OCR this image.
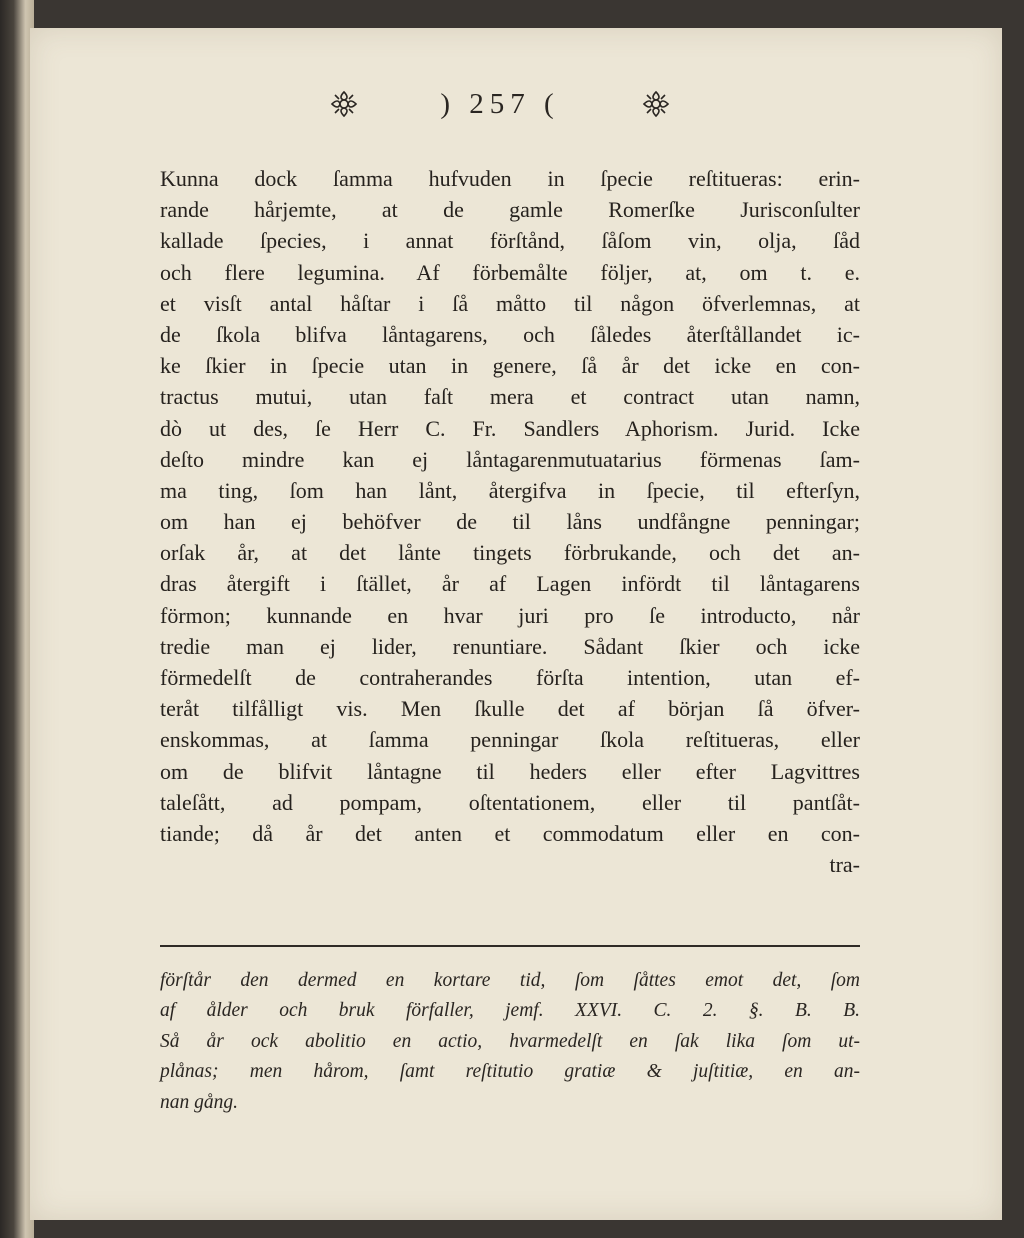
) 257 (
Kunna dock ſamma hufvuden in ſpecie reſtitueras: erin-
rande hårjemte, at de gamle Romerſke Jurisconſulter
kallade ſpecies, i annat förſtånd, ſåſom vin, olja, ſåd
och flere legumina. Af förbemålte följer, at, om t. e.
et visſt antal håſtar i ſå måtto til någon öfverlemnas, at
de ſkola blifva låntagarens, och ſåledes återſtållandet ic-
ke ſkier in ſpecie utan in genere, ſå år det icke en con-
tractus mutui, utan faſt mera et contract utan namn,
dò ut des, ſe Herr C. Fr. Sandlers Aphorism. Jurid. Icke
deſto mindre kan ej låntagarenmutuatarius förmenas ſam-
ma ting, ſom han lånt, återgifva in ſpecie, til efterſyn,
om han ej behöfver de til låns undfångne penningar;
orſak år, at det lånte tingets förbrukande, och det an-
dras återgift i ſtället, år af Lagen infördt til låntagarens
förmon; kunnande en hvar juri pro ſe introducto, når
tredie man ej lider, renuntiare. Sådant ſkier och icke
förmedelſt de contraherandes förſta intention, utan ef-
teråt tilfålligt vis. Men ſkulle det af början ſå öfver-
enskommas, at ſamma penningar ſkola reſtitueras, eller
om de blifvit låntagne til heders eller efter Lagvittres
taleſått, ad pompam, oſtentationem, eller til pantſåt-
tiande; då år det anten et commodatum eller en con-
tra-
förſtår den dermed en kortare tid, ſom ſåttes emot det, ſom
af ålder och bruk förfaller, jemf. XXVI. C. 2. §. B. B.
Så år ock abolitio en actio, hvarmedelſt en ſak lika ſom ut-
plånas; men hårom, ſamt reſtitutio gratiæ & juſtitiæ, en an-
nan gång.
